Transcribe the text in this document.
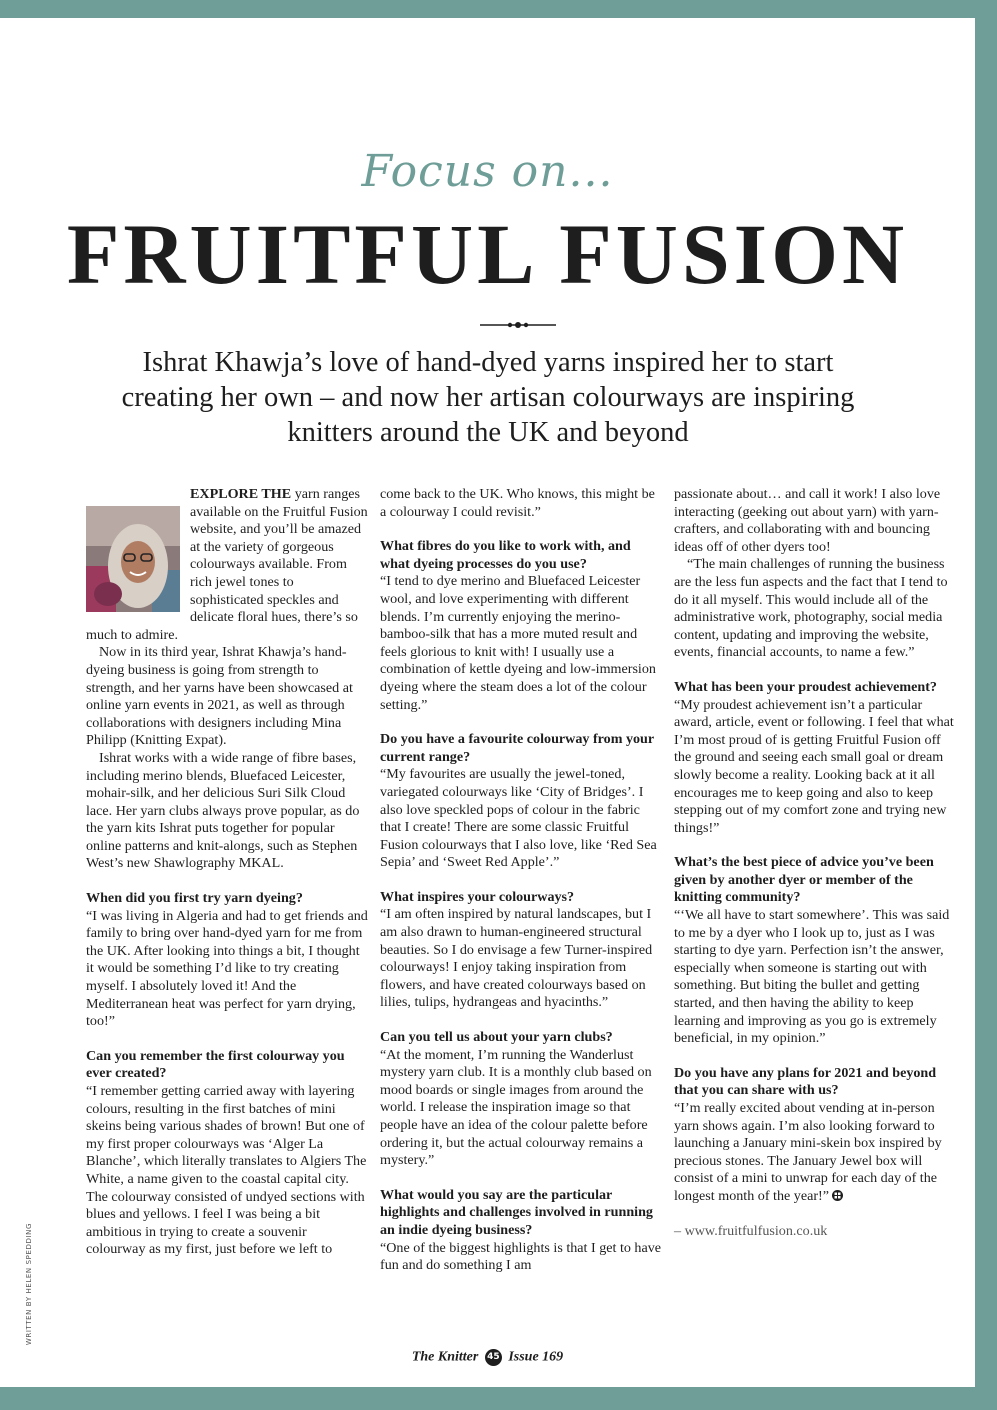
Focus on...
FRUITFUL FUSION
Ishrat Khawja’s love of hand-dyed yarns inspired her to start creating her own – and now her artisan colourways are inspiring knitters around the UK and beyond

EXPLORE THE yarn ranges available on the Fruitful Fusion website, and you’ll be amazed at the variety of gorgeous colourways available. From rich jewel tones to sophisticated speckles and delicate floral hues, there’s so much to admire.

Now in its third year, Ishrat Khawja’s hand-dyeing business is going from strength to strength, and her yarns have been showcased at online yarn events in 2021, as well as through collaborations with designers including Mina Philipp (Knitting Expat).

Ishrat works with a wide range of fibre bases, including merino blends, Bluefaced Leicester, mohair-silk, and her delicious Suri Silk Cloud lace. Her yarn clubs always prove popular, as do the yarn kits Ishrat puts together for popular online patterns and knit-alongs, such as Stephen West’s new Shawlography MKAL.

When did you first try yarn dyeing?

“I was living in Algeria and had to get friends and family to bring over hand-dyed yarn for me from the UK. After looking into things a bit, I thought it would be something I’d like to try creating myself. I absolutely loved it! And the Mediterranean heat was perfect for yarn drying, too!”

Can you remember the first colourway you ever created?

“I remember getting carried away with layering colours, resulting in the first batches of mini skeins being various shades of brown! But one of my first proper colourways was ‘Alger La Blanche’, which literally translates to Algiers The White, a name given to the coastal capital city. The colourway consisted of undyed sections with blues and yellows. I feel I was being a bit ambitious in trying to create a souvenir colourway as my first, just before we left to

come back to the UK. Who knows, this might be a colourway I could revisit.”

What fibres do you like to work with, and what dyeing processes do you use?

“I tend to dye merino and Bluefaced Leicester wool, and love experimenting with different blends. I’m currently enjoying the merino-bamboo-silk that has a more muted result and feels glorious to knit with! I usually use a combination of kettle dyeing and low-immersion dyeing where the steam does a lot of the colour setting.”

Do you have a favourite colourway from your current range?

“My favourites are usually the jewel-toned, variegated colourways like ‘City of Bridges’. I also love speckled pops of colour in the fabric that I create! There are some classic Fruitful Fusion colourways that I also love, like ‘Red Sea Sepia’ and ‘Sweet Red Apple’.”

What inspires your colourways?

“I am often inspired by natural landscapes, but I am also drawn to human-engineered structural beauties. So I do envisage a few Turner-inspired colourways! I enjoy taking inspiration from flowers, and have created colourways based on lilies, tulips, hydrangeas and hyacinths.”

Can you tell us about your yarn clubs?

“At the moment, I’m running the Wanderlust mystery yarn club. It is a monthly club based on mood boards or single images from around the world. I release the inspiration image so that people have an idea of the colour palette before ordering it, but the actual colourway remains a mystery.”

What would you say are the particular highlights and challenges involved in running an indie dyeing business?

“One of the biggest highlights is that I get to have fun and do something I am

passionate about… and call it work! I also love interacting (geeking out about yarn) with yarn-crafters, and collaborating with and bouncing ideas off of other dyers too!

“The main challenges of running the business are the less fun aspects and the fact that I tend to do it all myself. This would include all of the administrative work, photography, social media content, updating and improving the website, events, financial accounts, to name a few.”

What has been your proudest achievement?

“My proudest achievement isn’t a particular award, article, event or following. I feel that what I’m most proud of is getting Fruitful Fusion off the ground and seeing each small goal or dream slowly become a reality. Looking back at it all encourages me to keep going and also to keep stepping out of my comfort zone and trying new things!”

What’s the best piece of advice you’ve been given by another dyer or member of the knitting community?

“‘We all have to start somewhere’. This was said to me by a dyer who I look up to, just as I was starting to dye yarn. Perfection isn’t the answer, especially when someone is starting out with something. But biting the bullet and getting started, and then having the ability to keep learning and improving as you go is extremely beneficial, in my opinion.”

Do you have any plans for 2021 and beyond that you can share with us?

“I’m really excited about vending at in-person yarn shows again. I’m also looking forward to launching a January mini-skein box inspired by precious stones. The January Jewel box will consist of a mini to unwrap for each day of the longest month of the year!”

– www.fruitfulfusion.co.uk

WRITTEN BY HELEN SPEDDING
The Knitter 45 Issue 169
